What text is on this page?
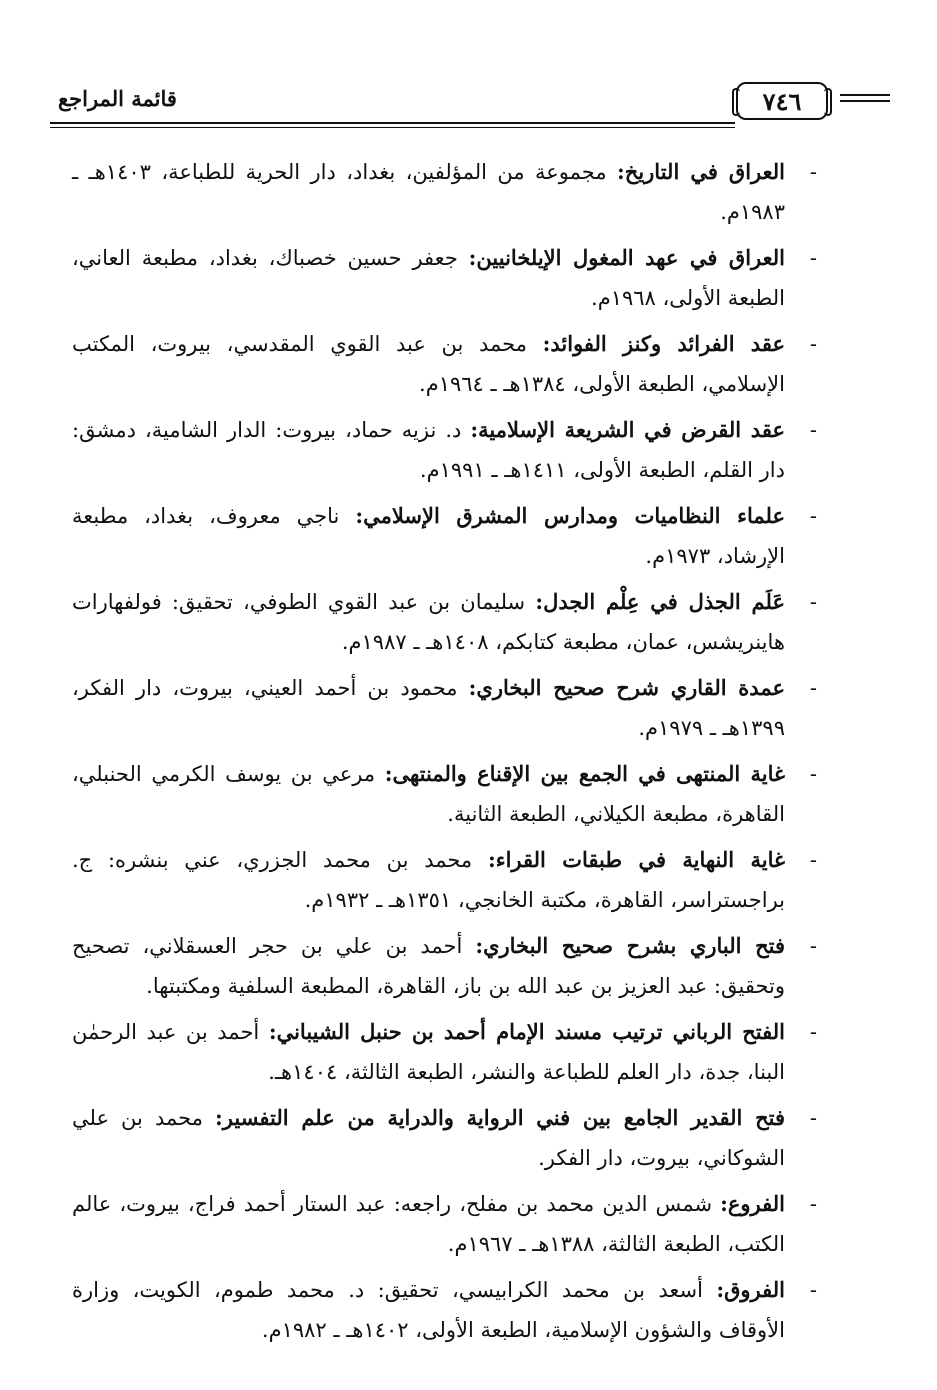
٧٤٦
قائمة المراجع
-
العراق في التاريخ: مجموعة من المؤلفين، بغداد، دار الحرية للطباعة، ١٤٠٣هـ ـ ١٩٨٣م.
-
العراق في عهد المغول الإيلخانيين: جعفر حسين خصباك، بغداد، مطبعة العاني، الطبعة الأولى، ١٩٦٨م.
-
عقد الفرائد وكنز الفوائد: محمد بن عبد القوي المقدسي، بيروت، المكتب الإسلامي، الطبعة الأولى، ١٣٨٤هـ ـ ١٩٦٤م.
-
عقد القرض في الشريعة الإسلامية: د. نزيه حماد، بيروت: الدار الشامية، دمشق: دار القلم، الطبعة الأولى، ١٤١١هـ ـ ١٩٩١م.
-
علماء النظاميات ومدارس المشرق الإسلامي: ناجي معروف، بغداد، مطبعة الإرشاد، ١٩٧٣م.
-
عَلَم الجذل في عِلْم الجدل: سليمان بن عبد القوي الطوفي، تحقيق: فولفهارات هاينريشس، عمان، مطبعة كتابكم، ١٤٠٨هـ ـ ١٩٨٧م.
-
عمدة القاري شرح صحيح البخاري: محمود بن أحمد العيني، بيروت، دار الفكر، ١٣٩٩هـ ـ ١٩٧٩م.
-
غاية المنتهى في الجمع بين الإقناع والمنتهى: مرعي بن يوسف الكرمي الحنبلي، القاهرة، مطبعة الكيلاني، الطبعة الثانية.
-
غاية النهاية في طبقات القراء: محمد بن محمد الجزري، عني بنشره: ج. براجستراسر، القاهرة، مكتبة الخانجي، ١٣٥١هـ ـ ١٩٣٢م.
-
فتح الباري بشرح صحيح البخاري: أحمد بن علي بن حجر العسقلاني، تصحيح وتحقيق: عبد العزيز بن عبد الله بن باز، القاهرة، المطبعة السلفية ومكتبتها.
-
الفتح الرباني ترتيب مسند الإمام أحمد بن حنبل الشيباني: أحمد بن عبد الرحمٰن البنا، جدة، دار العلم للطباعة والنشر، الطبعة الثالثة، ١٤٠٤هـ.
-
فتح القدير الجامع بين فني الرواية والدراية من علم التفسير: محمد بن علي الشوكاني، بيروت، دار الفكر.
-
الفروع: شمس الدين محمد بن مفلح، راجعه: عبد الستار أحمد فراج، بيروت، عالم الكتب، الطبعة الثالثة، ١٣٨٨هـ ـ ١٩٦٧م.
-
الفروق: أسعد بن محمد الكرابيسي، تحقيق: د. محمد طموم، الكويت، وزارة الأوقاف والشؤون الإسلامية، الطبعة الأولى، ١٤٠٢هـ ـ ١٩٨٢م.
